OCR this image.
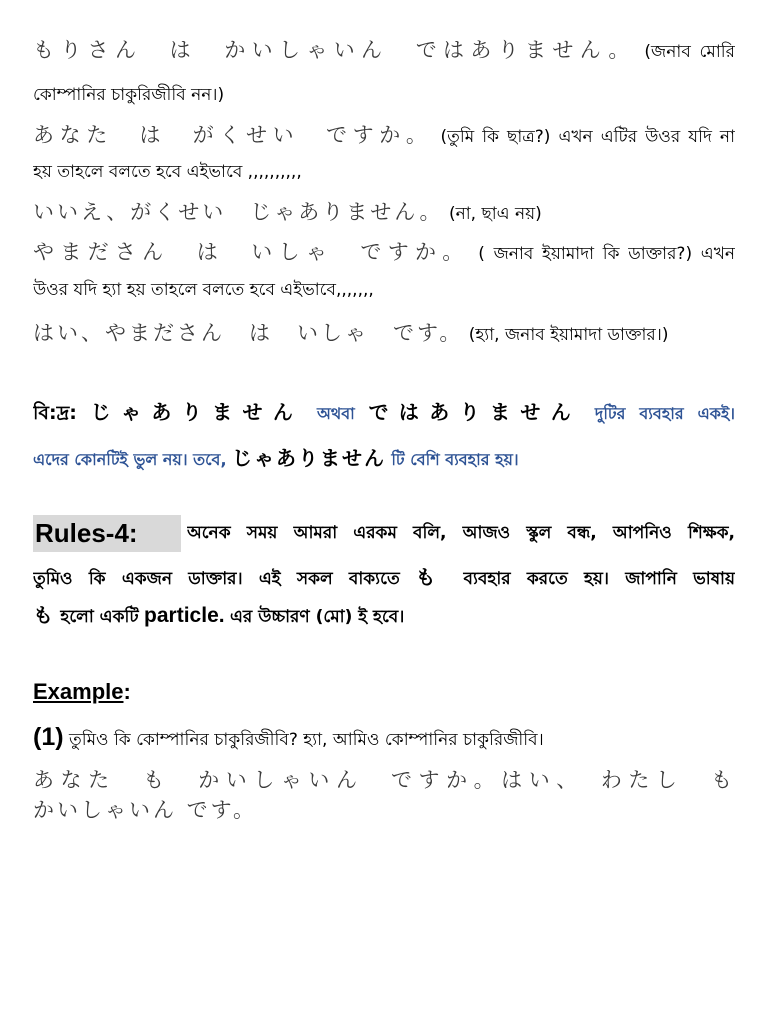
もりさん　は　かいしゃいん　ではありません。 (জনাব মোরি
কোম্পানির চাকুরিজীবি নন।)
あなた　は　がくせい　ですか。 (তুমি কি ছাত্র?) এখন এটির উওর যদি না
হয় তাহলে বলতে হবে এইভাবে ,,,,,,,,,,
いいえ、がくせい　じゃありません。 (না, ছাএ নয়)
やまださん　は　いしゃ　ですか。 ( জনাব ইয়ামাদা কি ডাক্তার?) এখন
উওর যদি হ্যা হয় তাহলে বলতে হবে এইভাবে,,,,,,,
はい、やまださん　は　いしゃ　です。 (হ্যা, জনাব ইয়ামাদা ডাক্তার।)
বি:দ্র: じゃありません অথবা ではありません দুটির ব্যবহার একই।
এদের কোনটিই ভুল নয়। তবে, じゃありません টি বেশি ব্যবহার হয়।
Rules-4:	অনেক সময় আমরা এরকম বলি, আজও স্কুল বন্ধ, আপনিও শিক্ষক,
তুমিও কি একজন ডাক্তার। এই সকল বাক্যতে も ব্যবহার করতে হয়। জাপানি ভাষায়
も হলো একটি particle. এর উচ্চারণ (মো) ই হবে।
Example:
(1) তুমিও কি কোম্পানির চাকুরিজীবি? হ্যা, আমিও কোম্পানির চাকুরিজীবি।
あなた　も　かいしゃいん　ですか。はい、　わたし　も
かいしゃいん です。
